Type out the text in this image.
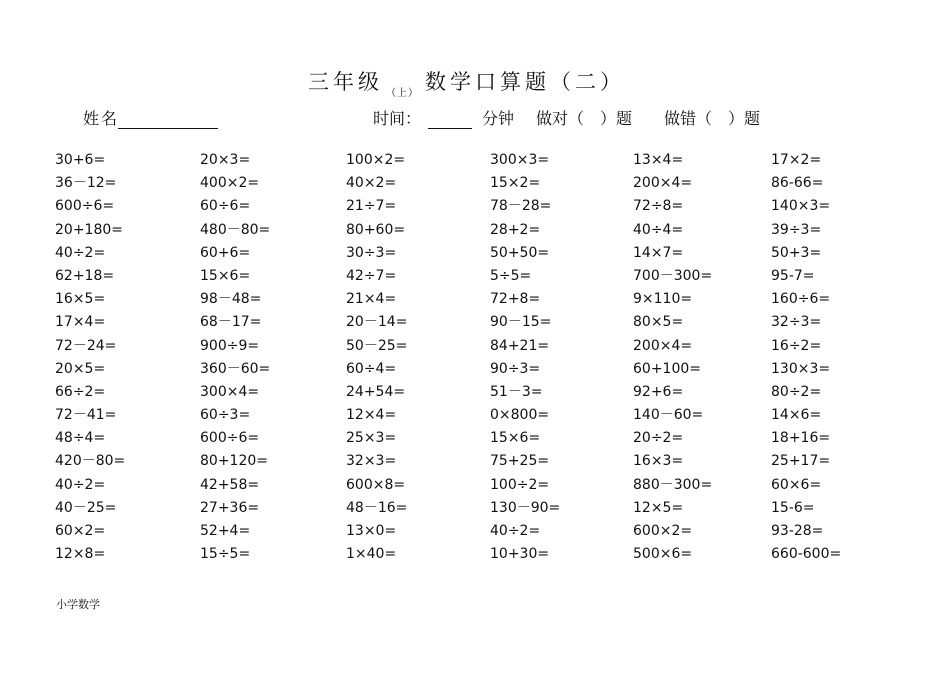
三年级 （上） 数学口算题（二）
姓名	时间：	分钟 做对（　）题 做错（　）题
30+6=
36－12=
600÷6=
20+180=
40÷2=
62+18=
16×5=
17×4=
72－24=
20×5=
66÷2=
72－41=
48÷4=
420－80=
40÷2=
40－25=
60×2=
12×8=
20×3=
400×2=
60÷6=
480－80=
60+6=
15×6=
98－48=
68－17=
900÷9=
360－60=
300×4=
60÷3=
600÷6=
80+120=
42+58=
27+36=
52+4=
15÷5=
100×2=
40×2=
21÷7=
80+60=
30÷3=
42÷7=
21×4=
20－14=
50－25=
60÷4=
24+54=
12×4=
25×3=
32×3=
600×8=
48－16=
13×0=
1×40=
300×3=
15×2=
78－28=
28+2=
50+50=
5÷5=
72+8=
90－15=
84+21=
90÷3=
51－3=
0×800=
15×6=
75+25=
100÷2=
130－90=
40÷2=
10+30=
13×4=
200×4=
72÷8=
40÷4=
14×7=
700－300=
9×110=
80×5=
200×4=
60+100=
92+6=
140－60=
20÷2=
16×3=
880－300=
12×5=
600×2=
500×6=
17×2=
86-66=
140×3=
39÷3=
50+3=
95-7=
160÷6=
32÷3=
16÷2=
130×3=
80÷2=
14×6=
18+16=
25+17=
60×6=
15-6=
93-28=
660-600=
小学数学
